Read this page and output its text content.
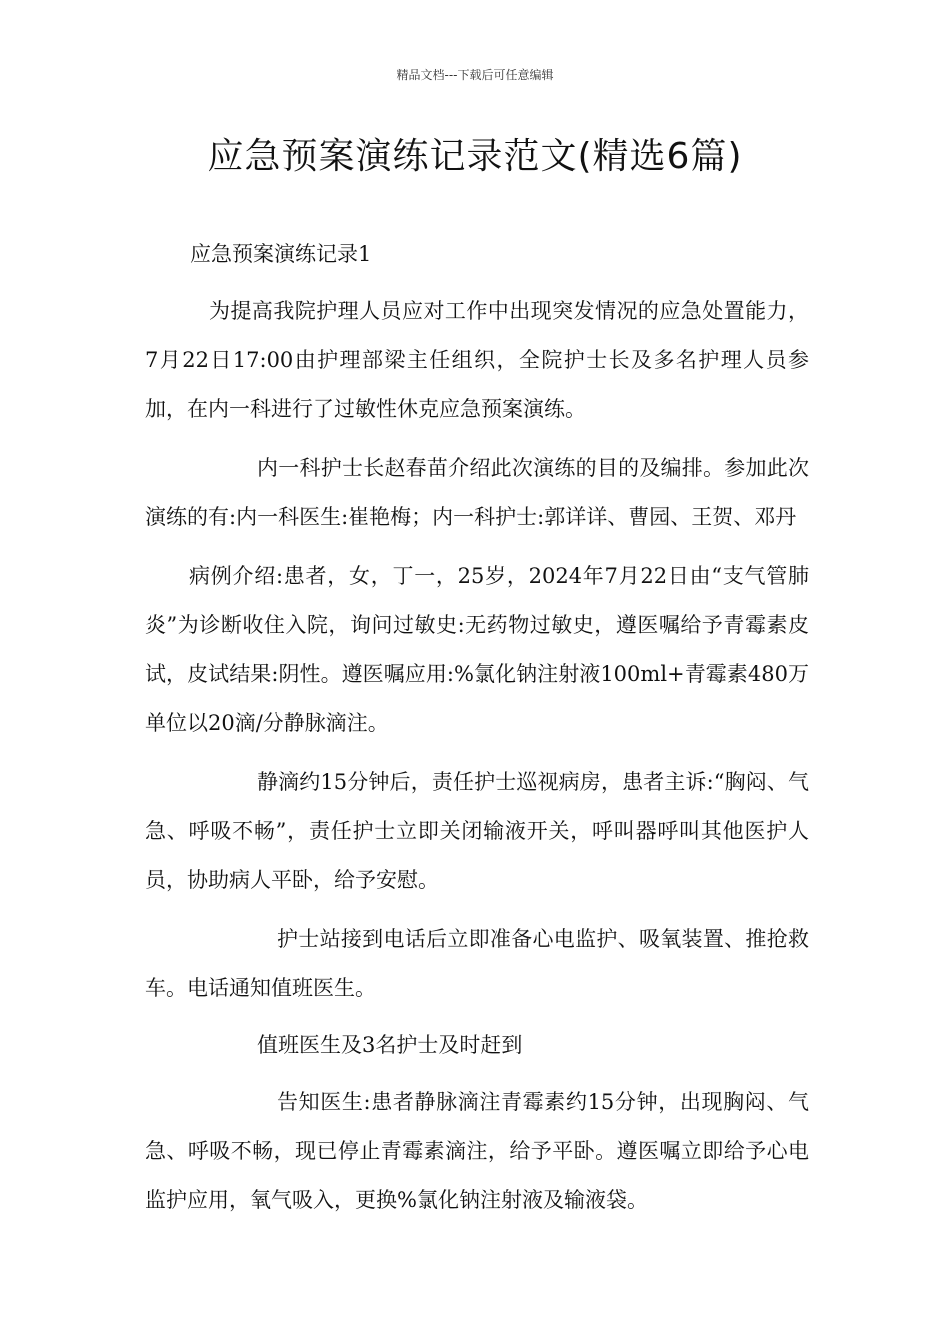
精品文档---下载后可任意编辑
应急预案演练记录范文(精选6篇)

应急预案演练记录1

为提高我院护理人员应对工作中出现突发情况的应急处置能力，7月22日17:00由护理部梁主任组织，全院护士长及多名护理人员参加，在内一科进行了过敏性休克应急预案演练。

内一科护士长赵春苗介绍此次演练的目的及编排。参加此次演练的有:内一科医生:崔艳梅；内一科护士:郭详详、曹园、王贺、邓丹

病例介绍:患者，女，丁一，25岁，2024年7月22日由“支气管肺炎”为诊断收住入院，询问过敏史:无药物过敏史，遵医嘱给予青霉素皮试，皮试结果:阴性。遵医嘱应用:%氯化钠注射液100ml+青霉素480万单位以20滴/分静脉滴注。

静滴约15分钟后，责任护士巡视病房，患者主诉:“胸闷、气急、呼吸不畅”，责任护士立即关闭输液开关，呼叫器呼叫其他医护人员，协助病人平卧，给予安慰。

护士站接到电话后立即准备心电监护、吸氧装置、推抢救车。电话通知值班医生。

值班医生及3名护士及时赶到

告知医生:患者静脉滴注青霉素约15分钟，出现胸闷、气急、呼吸不畅，现已停止青霉素滴注，给予平卧。遵医嘱立即给予心电监护应用，氧气吸入，更换%氯化钠注射液及输液袋。
